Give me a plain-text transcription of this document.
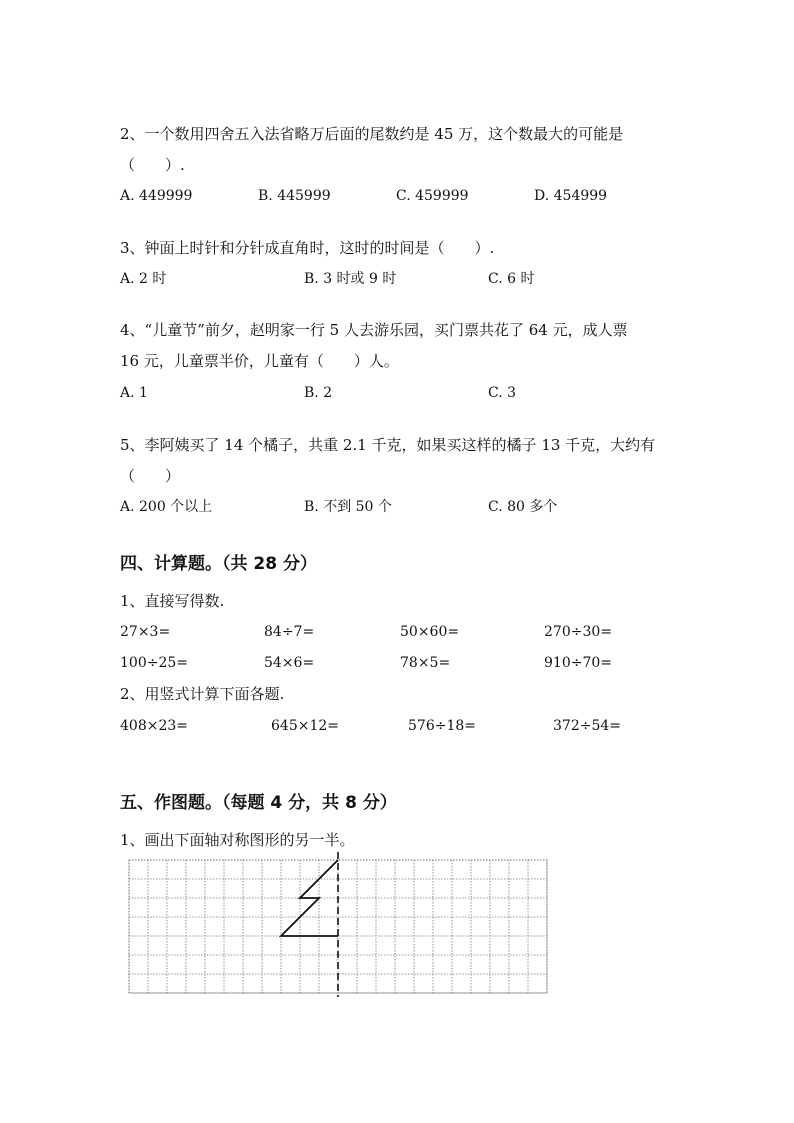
2、一个数用四舍五入法省略万后面的尾数约是 45 万，这个数最大的可能是
（　　）.
A. 449999	B. 445999	C. 459999	D. 454999
3、钟面上时针和分针成直角时，这时的时间是（　　）.
A. 2 时	B. 3 时或 9 时	C. 6 时
4、“儿童节”前夕，赵明家一行 5 人去游乐园，买门票共花了 64 元，成人票
16 元，儿童票半价，儿童有（　　）人。
A. 1	B. 2	C. 3
5、李阿姨买了 14 个橘子，共重 2.1 千克，如果买这样的橘子 13 千克，大约有
（　　）
A. 200 个以上	B. 不到 50 个	C. 80 多个
四、计算题。（共 28 分）
1、直接写得数.
27×3=	84÷7=	50×60=	270÷30=
100÷25=	54×6=	78×5=	910÷70=
2、用竖式计算下面各题.
408×23=	645×12=	576÷18=	372÷54=
五、作图题。（每题 4 分，共 8 分）
1、画出下面轴对称图形的另一半。
